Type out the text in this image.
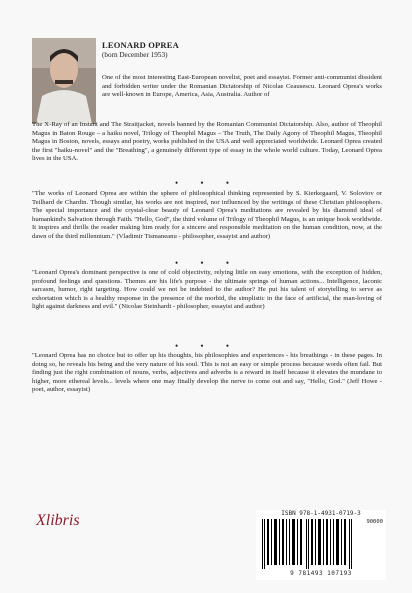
LEONARD OPREA
(born December 1953)

One of the most interesting East-European novelist, poet and essayist. Former anti-communist dissident and forbidden writer under the Romanian Dictatorship of Nicolae Ceausescu. Leonard Oprea's works are well-known in Europe, America, Asia, Australia. Author of

The X-Ray of an Instant and The Straitjacket, novels banned by the Romanian Communist Dictatorship. Also, author of Theophil Magus in Baton Rouge – a haiku novel, Trilogy of Theophil Magus – The Truth, The Daily Agony of Theophil Magus, Theophil Magus in Boston, novels, essays and poetry, works published in the USA and well appreciated worldwide. Leonard Oprea created the first "haiku-novel" and the "Breathing", a genuinely different type of essay in the whole world culture. Today, Leonard Oprea lives in the USA.

• • •

"The works of Leonard Oprea are within the sphere of philosophical thinking represented by S. Kierkegaard, V. Soloviov or Teilhard de Chardin. Though similar, his works are not inspired, nor influenced by the writings of these Christian philosophers. The special importance and the crystal-clear beauty of Leonard Oprea's meditations are revealed by his diamond ideal of humankind's Salvation through Faith. "Hello, God", the third volume of Trilogy of Theophil Magus, is an unique book worldwide. It inspires and thrills the reader making him ready for a sincere and responsible meditation on the human condition, now, at the dawn of the third millennium." (Vladimir Tismaneanu - philosopher, essayist and author)

• • •

"Leonard Oprea's dominant perspective is one of cold objectivity, relying little on easy emotions, with the exception of hidden, profound feelings and questions. Themes are his life's purpose - the ultimate springs of human actions... Intelligence, laconic sarcasm, humor, right targeting. How could we not be indebted to the author? He put his talent of storytelling to serve as exhortation which is a healthy response in the presence of the morbid, the simplistic in the face of artificial, the man-loving of light against darkness and evil." (Nicolae Steinhardt - philosopher, essayist and author)

• • •

"Leonard Oprea has no choice but to offer up his thoughts, his philosophies and experiences - his breathings - in these pages. In doing so, he reveals his being and the very nature of his soul. This is not an easy or simple process because words often fail. But finding just the right combination of nouns, verbs, adjectives and adverbs is a reward in itself because it elevates the mundane to higher, more ethereal levels... levels where one may finally develop the nerve to come out and say, "Hello, God." (Jeff Howe - poet, author, essayist)

Xlibris	ISBN 978-1-4931-0719-3
90000
9 781493 107193
